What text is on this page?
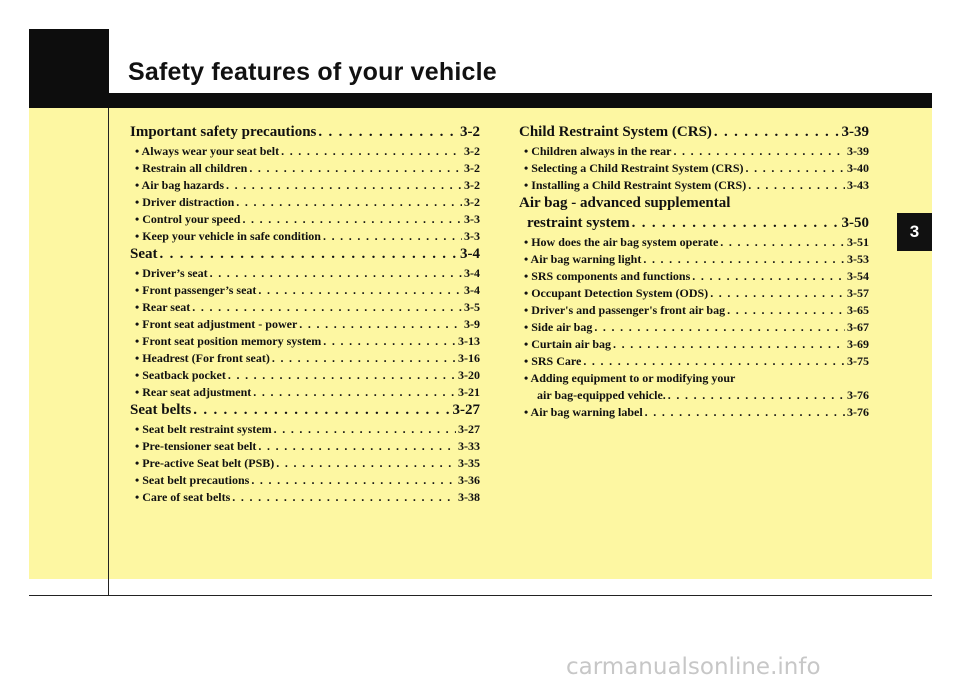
Safety features of your vehicle
3
Important safety precautions . . .	3-2
• Always wear your seat belt . . .	3-2
• Restrain all children . . .	3-2
• Air bag hazards . . .	3-2
• Driver distraction . . .	3-2
• Control your speed . . .	3-3
• Keep your vehicle in safe condition . . .	3-3
Seat . . .	3-4
• Driver’s seat . . .	3-4
• Front passenger’s seat . . .	3-4
• Rear seat . . .	3-5
• Front seat adjustment - power . . .	3-9
• Front seat position memory system . . .	3-13
• Headrest (For front seat) . . .	3-16
• Seatback pocket . . .	3-20
• Rear seat adjustment . . .	3-21
Seat belts . . .	3-27
• Seat belt restraint system . . .	3-27
• Pre-tensioner seat belt . . .	3-33
• Pre-active Seat belt (PSB) . . .	3-35
• Seat belt precautions . . .	3-36
• Care of seat belts . . .	3-38
Child Restraint System (CRS) . . .	3-39
• Children always in the rear . . .	3-39
• Selecting a Child Restraint System (CRS) . . .	3-40
• Installing a Child Restraint System (CRS) . . .	3-43
Air bag - advanced supplemental
restraint system . . .	3-50
• How does the air bag system operate . . .	3-51
• Air bag warning light . . .	3-53
• SRS components and functions . . .	3-54
• Occupant Detection System (ODS) . . .	3-57
• Driver's and passenger's front air bag . . .	3-65
• Side air bag . . .	3-67
• Curtain air bag . . .	3-69
• SRS Care . . .	3-75
• Adding equipment to or modifying your
air bag-equipped vehicle. . . .	3-76
• Air bag warning label . . .	3-76
carmanualsonline.info
